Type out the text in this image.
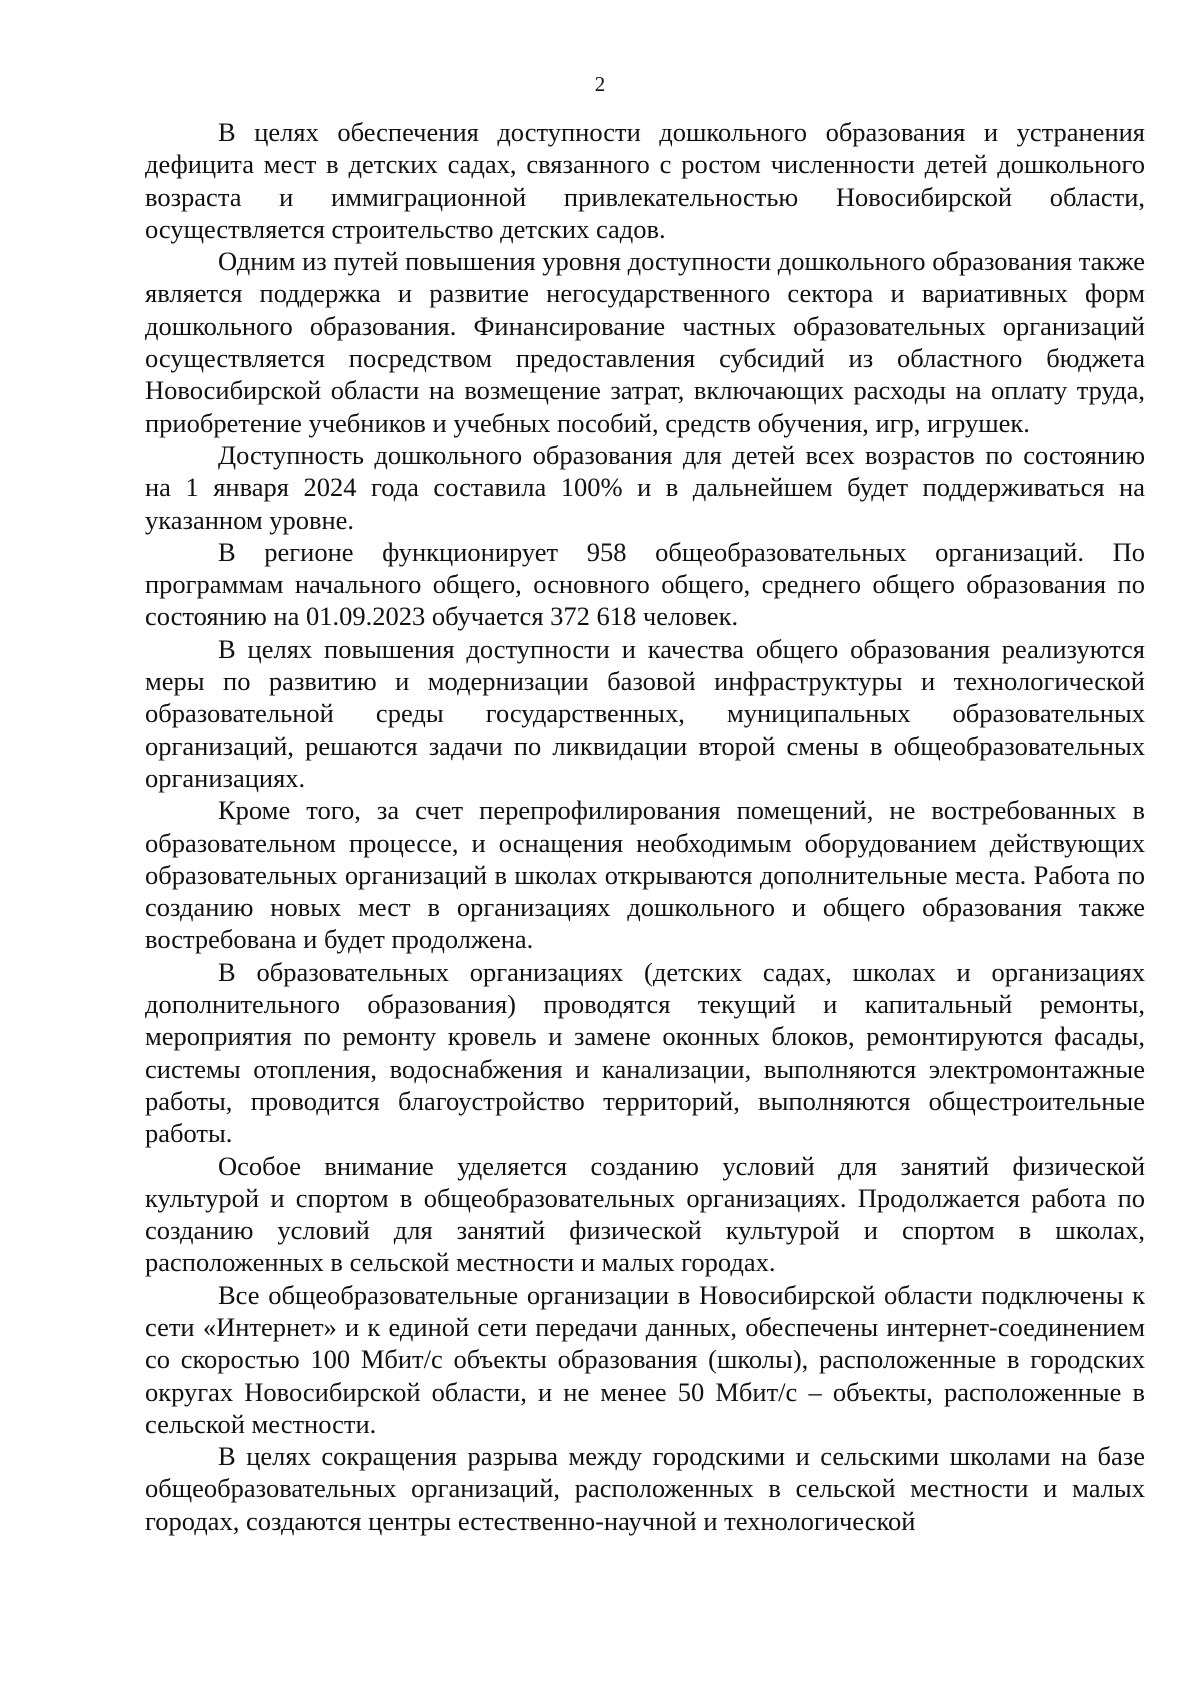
2

В целях обеспечения доступности дошкольного образования и устранения дефицита мест в детских садах, связанного с ростом численности детей дошкольного возраста и иммиграционной привлекательностью Новосибирской области, осуществляется строительство детских садов.

Одним из путей повышения уровня доступности дошкольного образования также является поддержка и развитие негосударственного сектора и вариативных форм дошкольного образования. Финансирование частных образовательных организаций осуществляется посредством предоставления субсидий из областного бюджета Новосибирской области на возмещение затрат, включающих расходы на оплату труда, приобретение учебников и учебных пособий, средств обучения, игр, игрушек.

Доступность дошкольного образования для детей всех возрастов по состоянию на 1 января 2024 года составила 100% и в дальнейшем будет поддерживаться на указанном уровне.

В регионе функционирует 958 общеобразовательных организаций. По программам начального общего, основного общего, среднего общего образования по состоянию на 01.09.2023 обучается 372 618 человек.

В целях повышения доступности и качества общего образования реализуются меры по развитию и модернизации базовой инфраструктуры и технологической образовательной среды государственных, муниципальных образовательных организаций, решаются задачи по ликвидации второй смены в общеобразовательных организациях.

Кроме того, за счет перепрофилирования помещений, не востребованных в образовательном процессе, и оснащения необходимым оборудованием действующих образовательных организаций в школах открываются дополнительные места. Работа по созданию новых мест в организациях дошкольного и общего образования также востребована и будет продолжена.

В образовательных организациях (детских садах, школах и организациях дополнительного образования) проводятся текущий и капитальный ремонты, мероприятия по ремонту кровель и замене оконных блоков, ремонтируются фасады, системы отопления, водоснабжения и канализации, выполняются электромонтажные работы, проводится благоустройство территорий, выполняются общестроительные работы.

Особое внимание уделяется созданию условий для занятий физической культурой и спортом в общеобразовательных организациях. Продолжается работа по созданию условий для занятий физической культурой и спортом в школах, расположенных в сельской местности и малых городах.

Все общеобразовательные организации в Новосибирской области подключены к сети «Интернет» и к единой сети передачи данных, обеспечены интернет-соединением со скоростью 100 Мбит/с объекты образования (школы), расположенные в городских округах Новосибирской области, и не менее 50 Мбит/с – объекты, расположенные в сельской местности.

В целях сокращения разрыва между городскими и сельскими школами на базе общеобразовательных организаций, расположенных в сельской местности и малых городах, создаются центры естественно-научной и технологической
